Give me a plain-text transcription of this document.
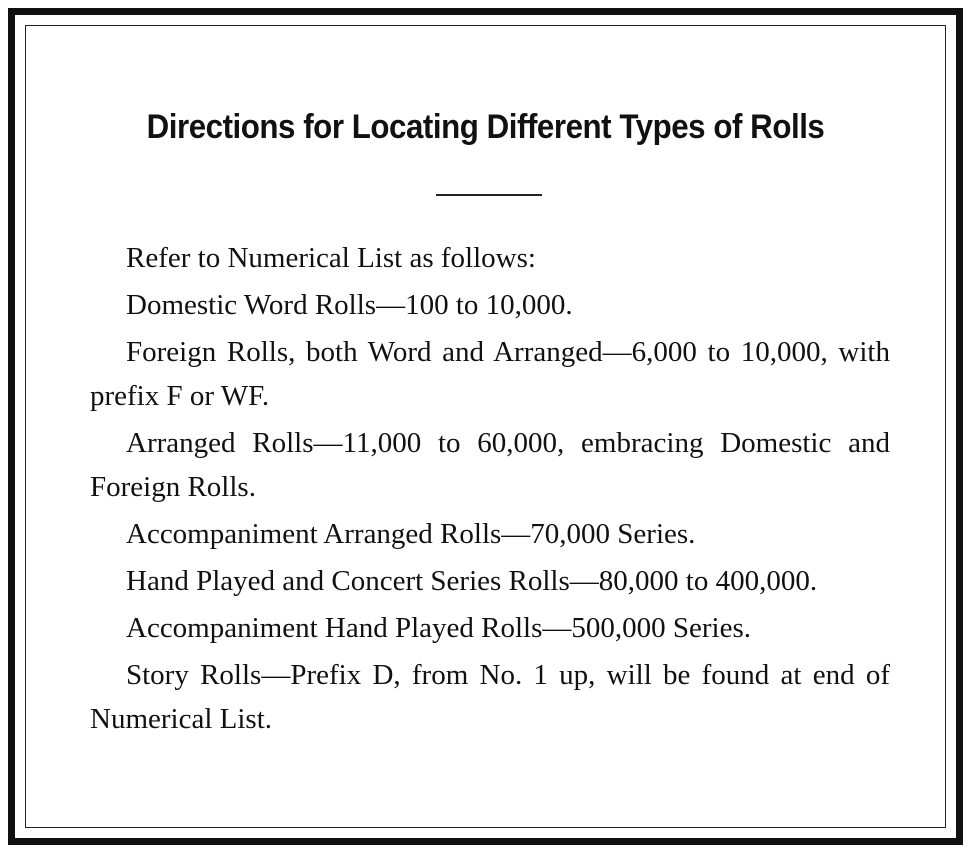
Directions for Locating Different Types of Rolls

Refer to Numerical List as follows:

Domestic Word Rolls—100 to 10,000.

Foreign Rolls, both Word and Arranged—6,000 to 10,000, with prefix F or WF.

Arranged Rolls—11,000 to 60,000, embracing Domestic and Foreign Rolls.

Accompaniment Arranged Rolls—70,000 Series.

Hand Played and Concert Series Rolls—80,000 to 400,000.

Accompaniment Hand Played Rolls—500,000 Series.

Story Rolls—Prefix D, from No. 1 up, will be found at end of Numerical List.
